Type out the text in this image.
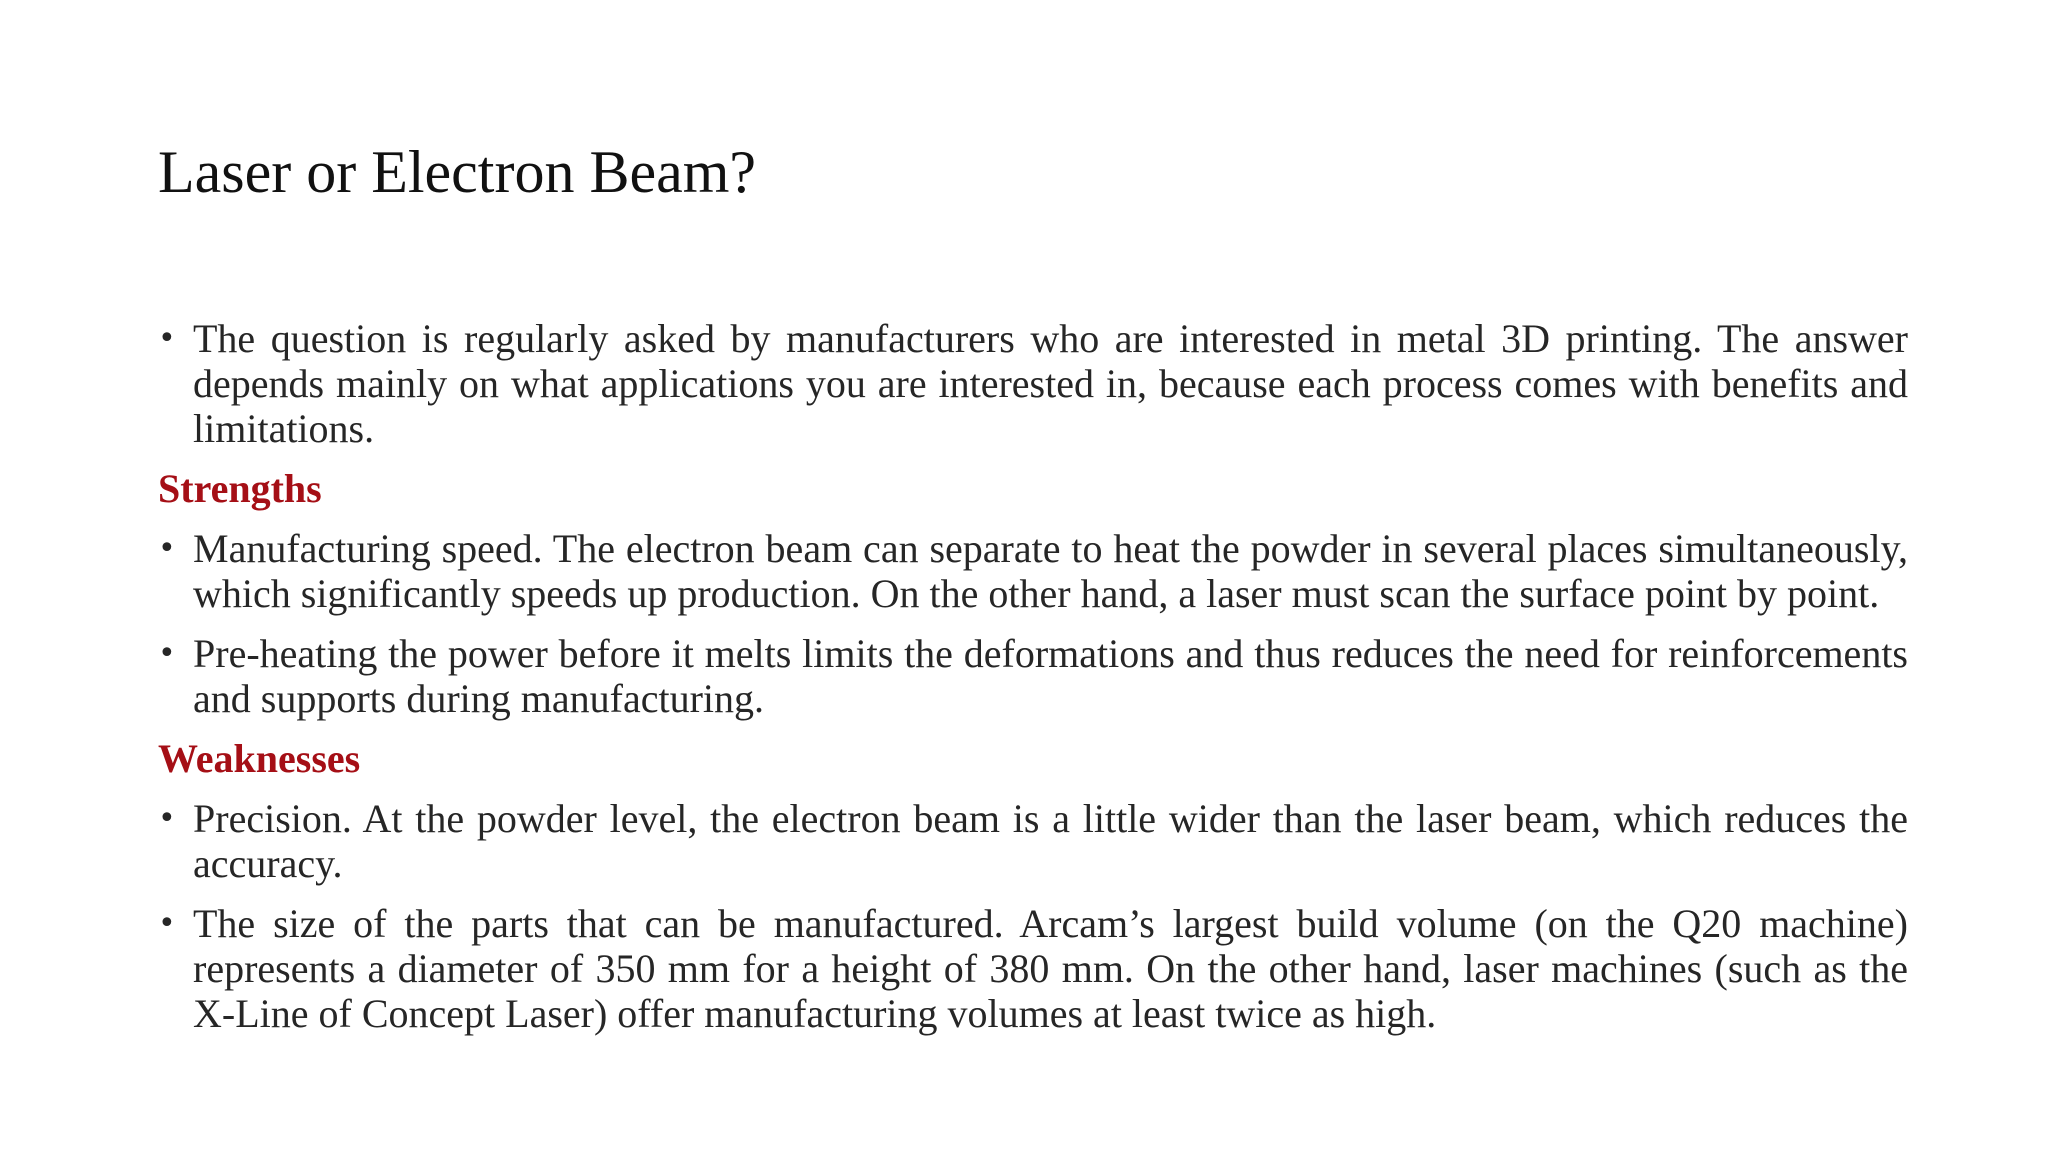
Laser or Electron Beam?

• The question is regularly asked by manufacturers who are interested in metal 3D printing. The answer depends mainly on what applications you are interested in, because each process comes with benefits and limitations.

Strengths

• Manufacturing speed. The electron beam can separate to heat the powder in several places simultaneously, which significantly speeds up production. On the other hand, a laser must scan the surface point by point.

• Pre-heating the power before it melts limits the deformations and thus reduces the need for reinforcements and supports during manufacturing.

Weaknesses

• Precision. At the powder level, the electron beam is a little wider than the laser beam, which reduces the accuracy.

• The size of the parts that can be manufactured. Arcam’s largest build volume (on the Q20 machine) represents a diameter of 350 mm for a height of 380 mm. On the other hand, laser machines (such as the X-Line of Concept Laser) offer manufacturing volumes at least twice as high.
